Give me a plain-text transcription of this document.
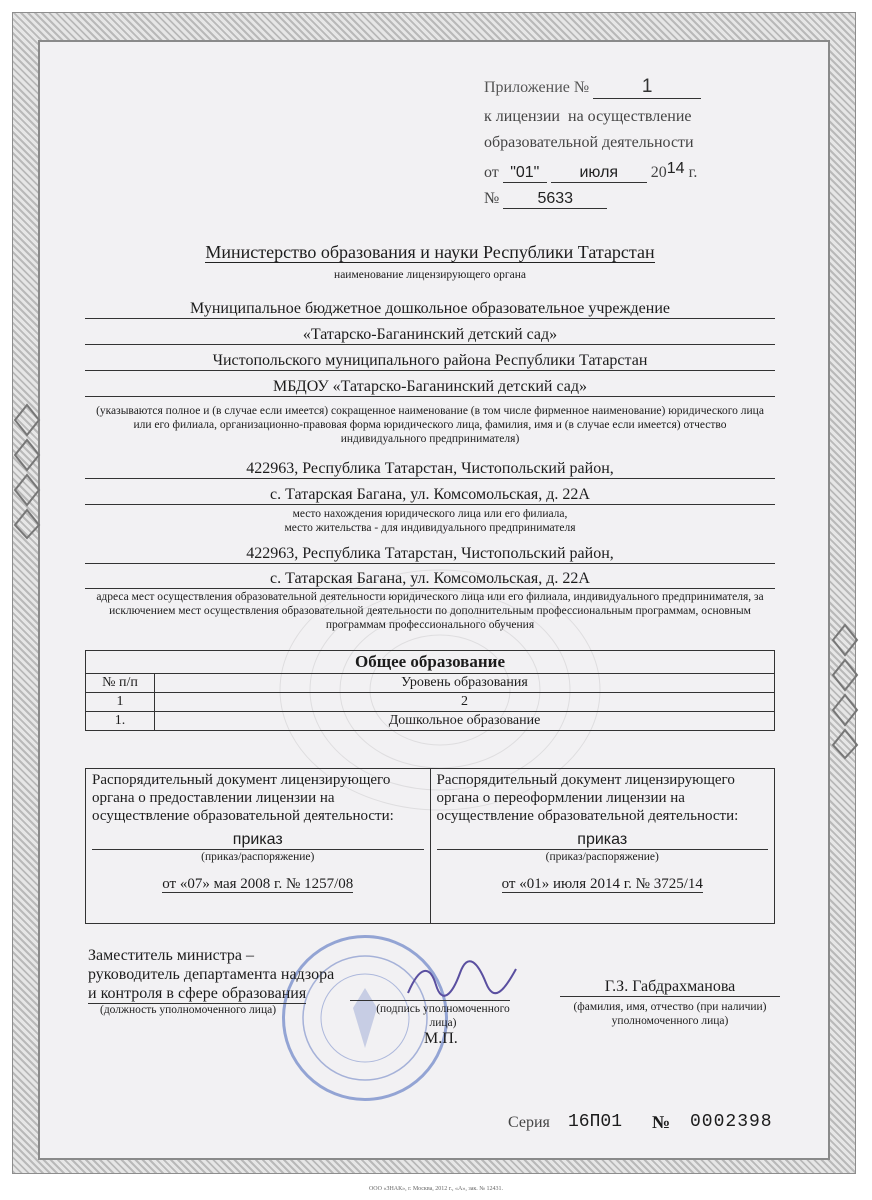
Приложение №	1
к лицензии на осуществление
образовательной деятельности
от "01"	июля 2014 г.
№ 5633
Министерство образования и науки Республики Татарстан
наименование лицензирующего органа
Муниципальное бюджетное дошкольное образовательное учреждение
«Татарско-Баганинский детский сад»
Чистопольского муниципального района Республики Татарстан
МБДОУ «Татарско-Баганинский детский сад»
(указываются полное и (в случае если имеется) сокращенное наименование (в том числе фирменное наименование) юридического лица или его филиала, организационно-правовая форма юридического лица, фамилия, имя и (в случае если имеется) отчество индивидуального предпринимателя)
422963, Республика Татарстан, Чистопольский район,
с. Татарская Багана, ул. Комсомольская, д. 22А
место нахождения юридического лица или его филиала,
место жительства - для индивидуального предпринимателя
422963, Республика Татарстан, Чистопольский район,
с. Татарская Багана, ул. Комсомольская, д. 22А
адреса мест осуществления образовательной деятельности юридического лица или его филиала, индивидуального предпринимателя, за исключением мест осуществления образовательной деятельности по дополнительным профессиональным программам, основным программам профессионального обучения
Общее образование	
№ п/п	Уровень образования
1	2
1.	Дошкольное образование
Распорядительный документ лицензирующего органа о предоставлении лицензии на осуществление образовательной деятельности:
приказ
(приказ/распоряжение)
от «07» мая 2008 г. № 1257/08

Распорядительный документ лицензирующего органа о переоформлении лицензии на осуществление образовательной деятельности:
приказ
(приказ/распоряжение)
от «01» июля 2014 г. № 3725/14
Заместитель министра –
руководитель департамента надзора
и контроля в сфере образования
(должность уполномоченного лица)	(подпись уполномоченного лица)
М.П.
Г.З. Габдрахманова
(фамилия, имя, отчество (при наличии) уполномоченного лица)
Серия 16П01 № 0002398
ООО «ЗНАК», г. Москва, 2012 г., «А», зак. № 12431.
